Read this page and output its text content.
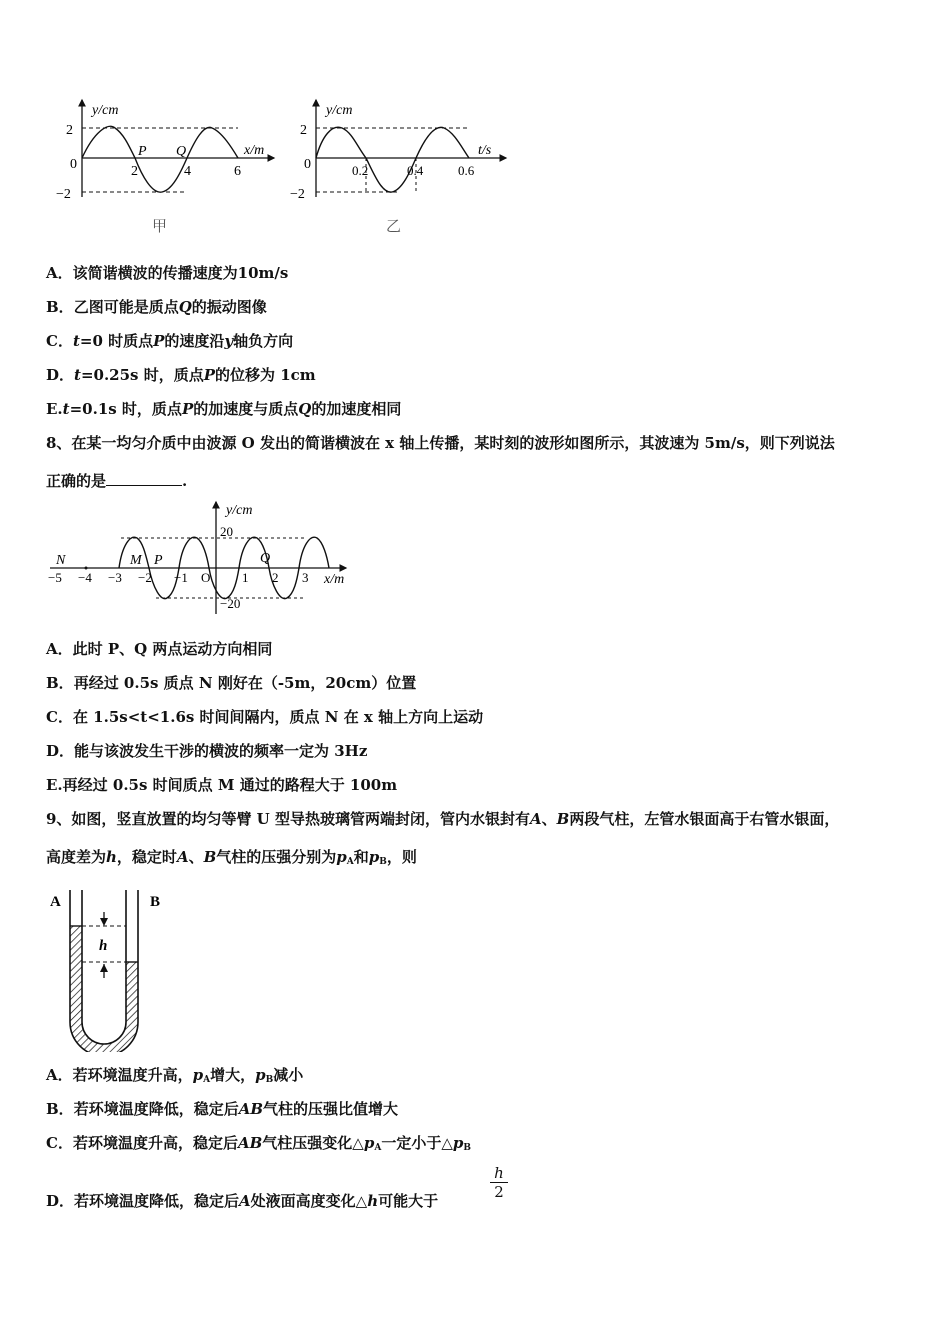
y/cm
x/m
2
0
−2
2	4	6
P Q
甲
y/cm
t/s
2
0
−2
0.2	0.4	0.6
乙
A．该简谐横波的传播速度为10m/s
B．乙图可能是质点Q的振动图像
C．t=0 时质点P的速度沿y轴负方向
D．t=0.25s 时，质点P的位移为 1cm
E.t=0.1s 时，质点P的加速度与质点Q的加速度相同
8、在某一均匀介质中由波源 O 发出的简谐横波在 x 轴上传播，某时刻的波形如图所示，其波速为 5m/s，则下列说法
正确的是	.
y/cm
20
−20
x/m
−5 −4 −3 −2 −1 O 1 2 3
N	M P	Q
A．此时 P、Q 两点运动方向相同
B．再经过 0.5s 质点 N 刚好在（-5m，20cm）位置
C．在 1.5s<t<1.6s 时间间隔内，质点 N 在 x 轴上方向上运动
D．能与该波发生干涉的横波的频率一定为 3Hz
E.再经过 0.5s 时间质点 M 通过的路程大于 100m
9、如图，竖直放置的均匀等臂 U 型导热玻璃管两端封闭，管内水银封有A、B两段气柱，左管水银面高于右管水银面，
高度差为h，稳定时A、B气柱的压强分别为$p_A$和$p_B$，则
A	B
h
A．若环境温度升高，$p_A$增大，$p_B$减小
B．若环境温度降低，稳定后AB气柱的压强比值增大
C．若环境温度升高，稳定后AB气柱压强变化$\triangle p_A$一定小于$\triangle p_B$
D．若环境温度降低，稳定后A处液面高度变化△h可能大于
h
2
